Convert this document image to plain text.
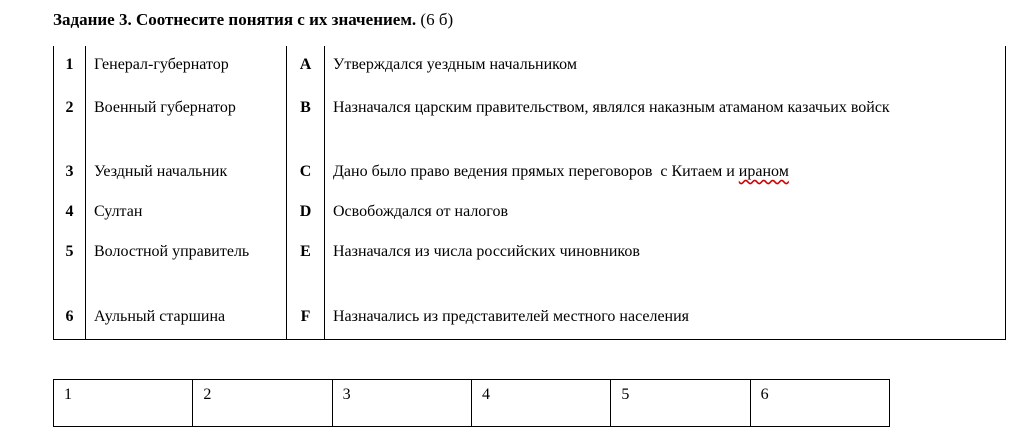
Задание 3. Соотнесите понятия с их значением. (6 б)
1	Генерал-губернатор	A	Утверждался уездным начальником
2	Военный губернатор	B	Назначался царским правительством, являлся наказным атаманом казачьих войск
3	Уездный начальник	C	Дано было право ведения прямых переговоров  с Китаем и ираном
4	Султан	D	Освобождался от налогов
5	Волостной управитель	E	Назначался из числа российских чиновников
6	Аульный старшина	F	Назначались из представителей местного населения
1	2	3	4	5	6
